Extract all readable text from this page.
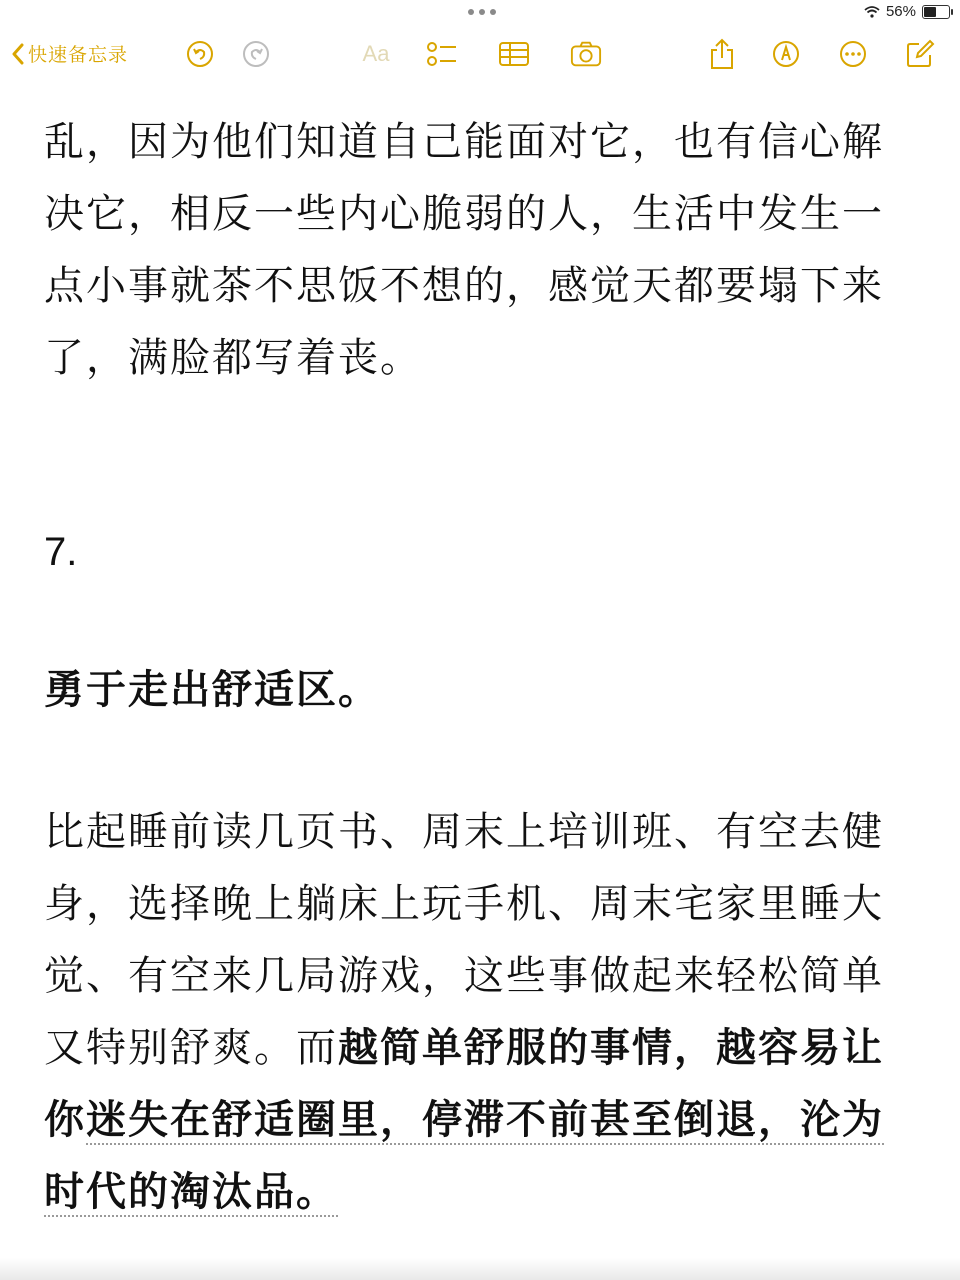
56%
快速备忘录	Aa

乱，因为他们知道自己能面对它，也有信心解决它，相反一些内心脆弱的人，生活中发生一点小事就茶不思饭不想的，感觉天都要塌下来了，满脸都写着丧。

7.
勇于走出舒适区。

比起睡前读几页书、周末上培训班、有空去健身，选择晚上躺床上玩手机、周末宅家里睡大觉、有空来几局游戏，这些事做起来轻松简单又特别舒爽。而越简单舒服的事情，越容易让你迷失在舒适圈里，停滞不前甚至倒退，沦为时代的淘汰品。
